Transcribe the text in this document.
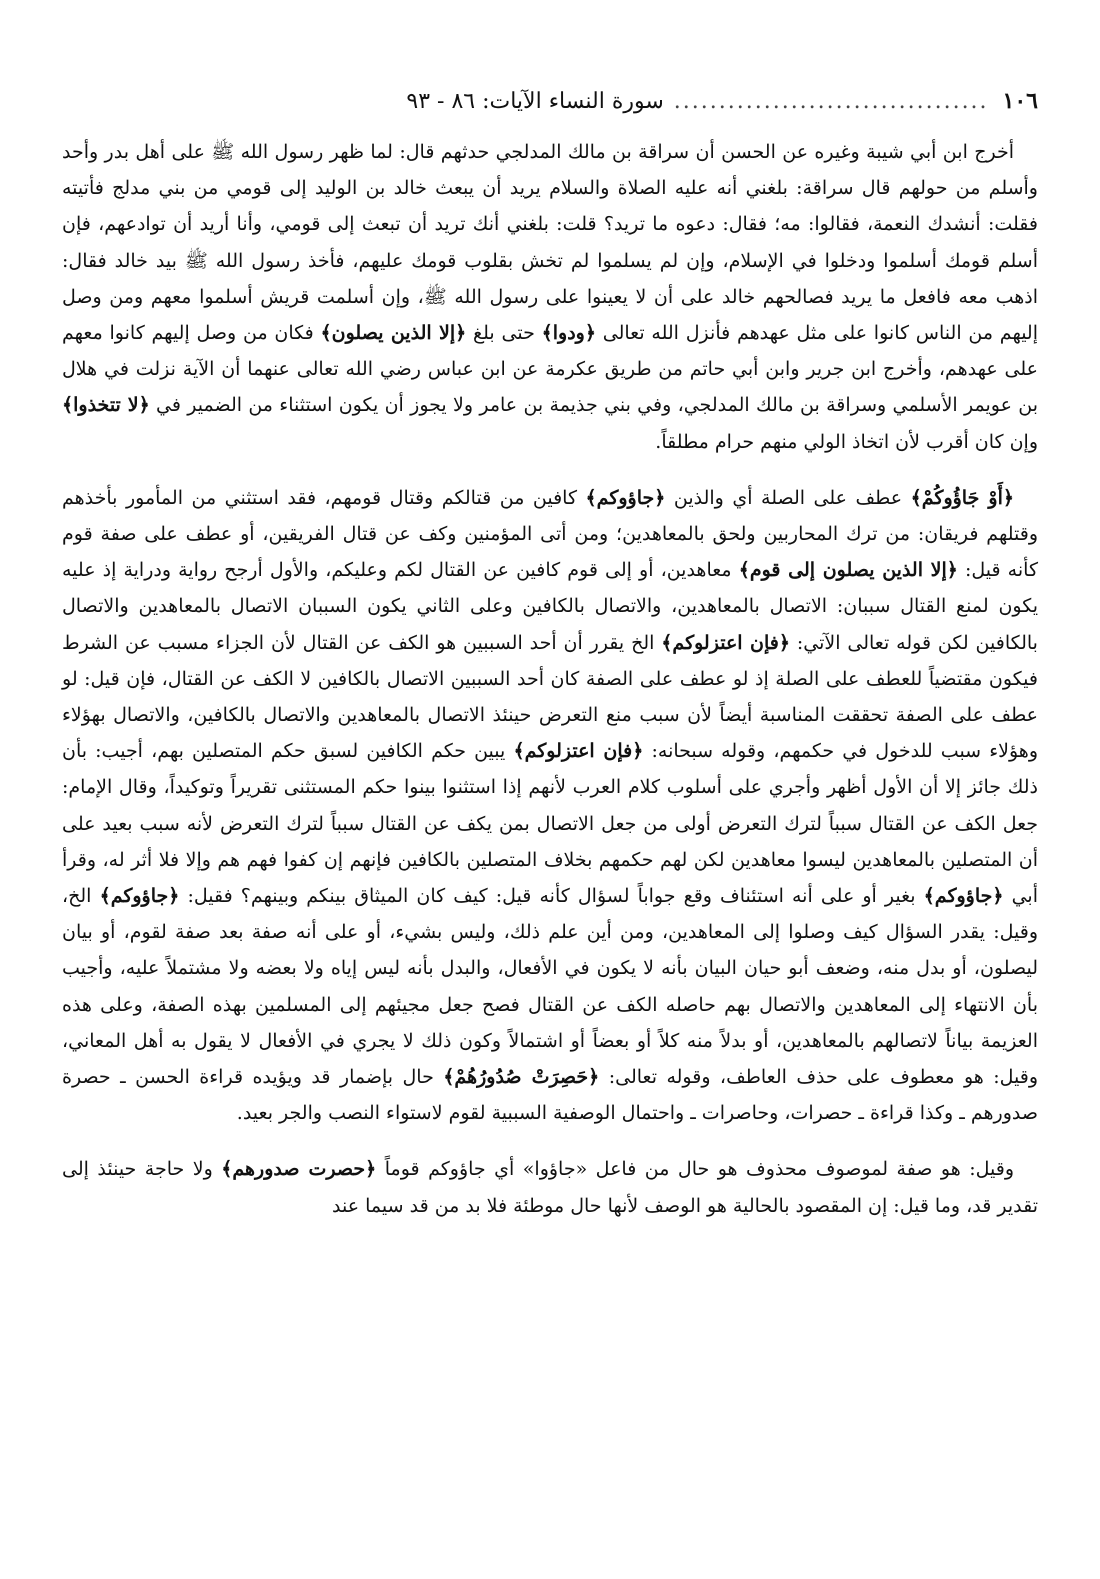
١٠٦
...................................
سورة النساء الآيات: ٨٦ - ٩٣

أخرج ابن أبي شيبة وغيره عن الحسن أن سراقة بن مالك المدلجي حدثهم قال: لما ظهر رسول الله ﷺ على أهل بدر وأحد وأسلم من حولهم قال سراقة: بلغني أنه عليه الصلاة والسلام يريد أن يبعث خالد بن الوليد إلى قومي من بني مدلج فأتيته فقلت: أنشدك النعمة، فقالوا: مه؛ فقال: دعوه ما تريد؟ قلت: بلغني أنك تريد أن تبعث إلى قومي، وأنا أريد أن توادعهم، فإن أسلم قومك أسلموا ودخلوا في الإسلام، وإن لم يسلموا لم تخش بقلوب قومك عليهم، فأخذ رسول الله ﷺ بيد خالد فقال: اذهب معه فافعل ما يريد فصالحهم خالد على أن لا يعينوا على رسول الله ﷺ، وإن أسلمت قريش أسلموا معهم ومن وصل إليهم من الناس كانوا على مثل عهدهم فأنزل الله تعالى ﴿ودوا﴾ حتى بلغ ﴿إلا الذين يصلون﴾ فكان من وصل إليهم كانوا معهم على عهدهم، وأخرج ابن جرير وابن أبي حاتم من طريق عكرمة عن ابن عباس رضي الله تعالى عنهما أن الآية نزلت في هلال بن عويمر الأسلمي وسراقة بن مالك المدلجي، وفي بني جذيمة بن عامر ولا يجوز أن يكون استثناء من الضمير في ﴿لا تتخذوا﴾ وإن كان أقرب لأن اتخاذ الولي منهم حرام مطلقاً.

﴿أَوْ جَاؤُوكُمْ﴾ عطف على الصلة أي والذين ﴿جاؤوكم﴾ كافين من قتالكم وقتال قومهم، فقد استثني من المأمور بأخذهم وقتلهم فريقان: من ترك المحاربين ولحق بالمعاهدين؛ ومن أتى المؤمنين وكف عن قتال الفريقين، أو عطف على صفة قوم كأنه قيل: ﴿إلا الذين يصلون إلى قوم﴾ معاهدين، أو إلى قوم كافين عن القتال لكم وعليكم، والأول أرجح رواية ودراية إذ عليه يكون لمنع القتال سببان: الاتصال بالمعاهدين، والاتصال بالكافين وعلى الثاني يكون السببان الاتصال بالمعاهدين والاتصال بالكافين لكن قوله تعالى الآتي: ﴿فإن اعتزلوكم﴾ الخ يقرر أن أحد السببين هو الكف عن القتال لأن الجزاء مسبب عن الشرط فيكون مقتضياً للعطف على الصلة إذ لو عطف على الصفة كان أحد السببين الاتصال بالكافين لا الكف عن القتال، فإن قيل: لو عطف على الصفة تحققت المناسبة أيضاً لأن سبب منع التعرض حينئذ الاتصال بالمعاهدين والاتصال بالكافين، والاتصال بهؤلاء وهؤلاء سبب للدخول في حكمهم، وقوله سبحانه: ﴿فإن اعتزلوكم﴾ يبين حكم الكافين لسبق حكم المتصلين بهم، أجيب: بأن ذلك جائز إلا أن الأول أظهر وأجري على أسلوب كلام العرب لأنهم إذا استثنوا بينوا حكم المستثنى تقريراً وتوكيداً، وقال الإمام: جعل الكف عن القتال سبباً لترك التعرض أولى من جعل الاتصال بمن يكف عن القتال سبباً لترك التعرض لأنه سبب بعيد على أن المتصلين بالمعاهدين ليسوا معاهدين لكن لهم حكمهم بخلاف المتصلين بالكافين فإنهم إن كفوا فهم هم وإلا فلا أثر له، وقرأ أبي ﴿جاؤوكم﴾ بغير أو على أنه استئناف وقع جواباً لسؤال كأنه قيل: كيف كان الميثاق بينكم وبينهم؟ فقيل: ﴿جاؤوكم﴾ الخ، وقيل: يقدر السؤال كيف وصلوا إلى المعاهدين، ومن أين علم ذلك، وليس بشيء، أو على أنه صفة بعد صفة لقوم، أو بيان ليصلون، أو بدل منه، وضعف أبو حيان البيان بأنه لا يكون في الأفعال، والبدل بأنه ليس إياه ولا بعضه ولا مشتملاً عليه، وأجيب بأن الانتهاء إلى المعاهدين والاتصال بهم حاصله الكف عن القتال فصح جعل مجيئهم إلى المسلمين بهذه الصفة، وعلى هذه العزيمة بياناً لاتصالهم بالمعاهدين، أو بدلاً منه كلاً أو بعضاً أو اشتمالاً وكون ذلك لا يجري في الأفعال لا يقول به أهل المعاني، وقيل: هو معطوف على حذف العاطف، وقوله تعالى: ﴿حَصِرَتْ صُدُورُهُمْ﴾ حال بإضمار قد ويؤيده قراءة الحسن ـ حصرة صدورهم ـ وكذا قراءة ـ حصرات، وحاصرات ـ واحتمال الوصفية السببية لقوم لاستواء النصب والجر بعيد.

وقيل: هو صفة لموصوف محذوف هو حال من فاعل «جاؤوا» أي جاؤوكم قوماً ﴿حصرت صدورهم﴾ ولا حاجة حينئذ إلى تقدير قد، وما قيل: إن المقصود بالحالية هو الوصف لأنها حال موطئة فلا بد من قد سيما عند
